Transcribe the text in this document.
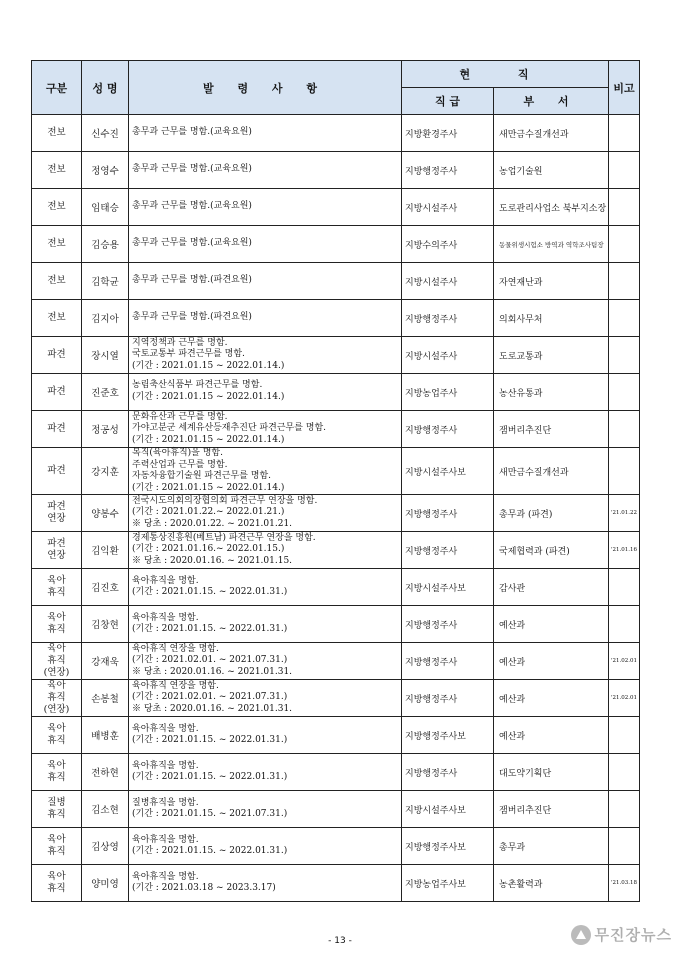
구분	성 명	발 령 사 항	현 직		비고
			직 급	부 서	

전보	신수진	총무과 근무를 명함.(교육요원)	지방환경주사	새만금수질개선과	

전보	정영수	총무과 근무를 명함.(교육요원)	지방행정주사	농업기술원	

전보	임태승	총무과 근무를 명함.(교육요원)	지방시설주사	도로관리사업소 북부지소장	

전보	김승용	총무과 근무를 명함.(교육요원)	지방수의주사	동물위생시험소 방역과 역학조사팀장	

전보	김학균	총무과 근무를 명함.(파견요원)	지방시설주사	자연재난과	

전보	김지아	총무과 근무를 명함.(파견요원)	지방행정주사	의회사무처	

파견	장시열	지역정책과 근무를 명함.
국토교통부 파견근무를 명함.
(기간 : 2021.01.15 ~ 2022.01.14.)	지방시설주사	도로교통과	

파견	진준호	농림축산식품부 파견근무를 명함.
(기간 : 2021.01.15 ~ 2022.01.14.)	지방농업주사	농산유통과	

파견	정공성	문화유산과 근무를 명함.
가야고분군 세계유산등재추진단 파견근무를 명함.
(기간 : 2021.01.15 ~ 2022.01.14.)	지방행정주사	잼버리추진단	

파견	강지훈	복직(육아휴직)을 명함.
주력산업과 근무를 명함.
자동차융합기술원 파견근무를 명함.
(기간 : 2021.01.15 ~ 2022.01.14.)	지방시설주사보	새만금수질개선과	

파견
연장	양봉수	전국시도의회의장협의회 파견근무 연장을 명함.
(기간 : 2021.01.22.~ 2022.01.21.)
※ 당초 : 2020.01.22. ~ 2021.01.21.	지방행정주사	총무과 (파견)	'21.01.22

파견
연장	김익환	경제통상진흥원(베트남) 파견근무 연장을 명함.
(기간 : 2021.01.16.~ 2022.01.15.)
※ 당초 : 2020.01.16. ~ 2021.01.15.	지방행정주사	국제협력과 (파견)	'21.01.16

육아
휴직	김진호	육아휴직을 명함.
(기간 : 2021.01.15. ~ 2022.01.31.)	지방시설주사보	감사관	

육아
휴직	김창현	육아휴직을 명함.
(기간 : 2021.01.15. ~ 2022.01.31.)	지방행정주사	예산과	

육아
휴직
(연장)	강재욱	육아휴직 연장을 명함.
(기간 : 2021.02.01. ~ 2021.07.31.)
※ 당초 : 2020.01.16. ~ 2021.01.31.	지방행정주사	예산과	'21.02.01

육아
휴직
(연장)	손봉철	육아휴직 연장을 명함.
(기간 : 2021.02.01. ~ 2021.07.31.)
※ 당초 : 2020.01.16. ~ 2021.01.31.	지방행정주사	예산과	'21.02.01

육아
휴직	배병훈	육아휴직을 명함.
(기간 : 2021.01.15. ~ 2022.01.31.)	지방행정주사보	예산과	

육아
휴직	전하현	육아휴직을 명함.
(기간 : 2021.01.15. ~ 2022.01.31.)	지방행정주사	대도약기획단	

질병
휴직	김소현	질병휴직을 명함.
(기간 : 2021.01.15. ~ 2021.07.31.)	지방시설주사보	잼버리추진단	

육아
휴직	김상영	육아휴직을 명함.
(기간 : 2021.01.15. ~ 2022.01.31.)	지방행정주사보	총무과	

육아
휴직	양미영	육아휴직을 명함.
(기간 : 2021.03.18 ~ 2023.3.17)	지방농업주사보	농촌활력과	'21.03.18
- 13 -	무진장뉴스
